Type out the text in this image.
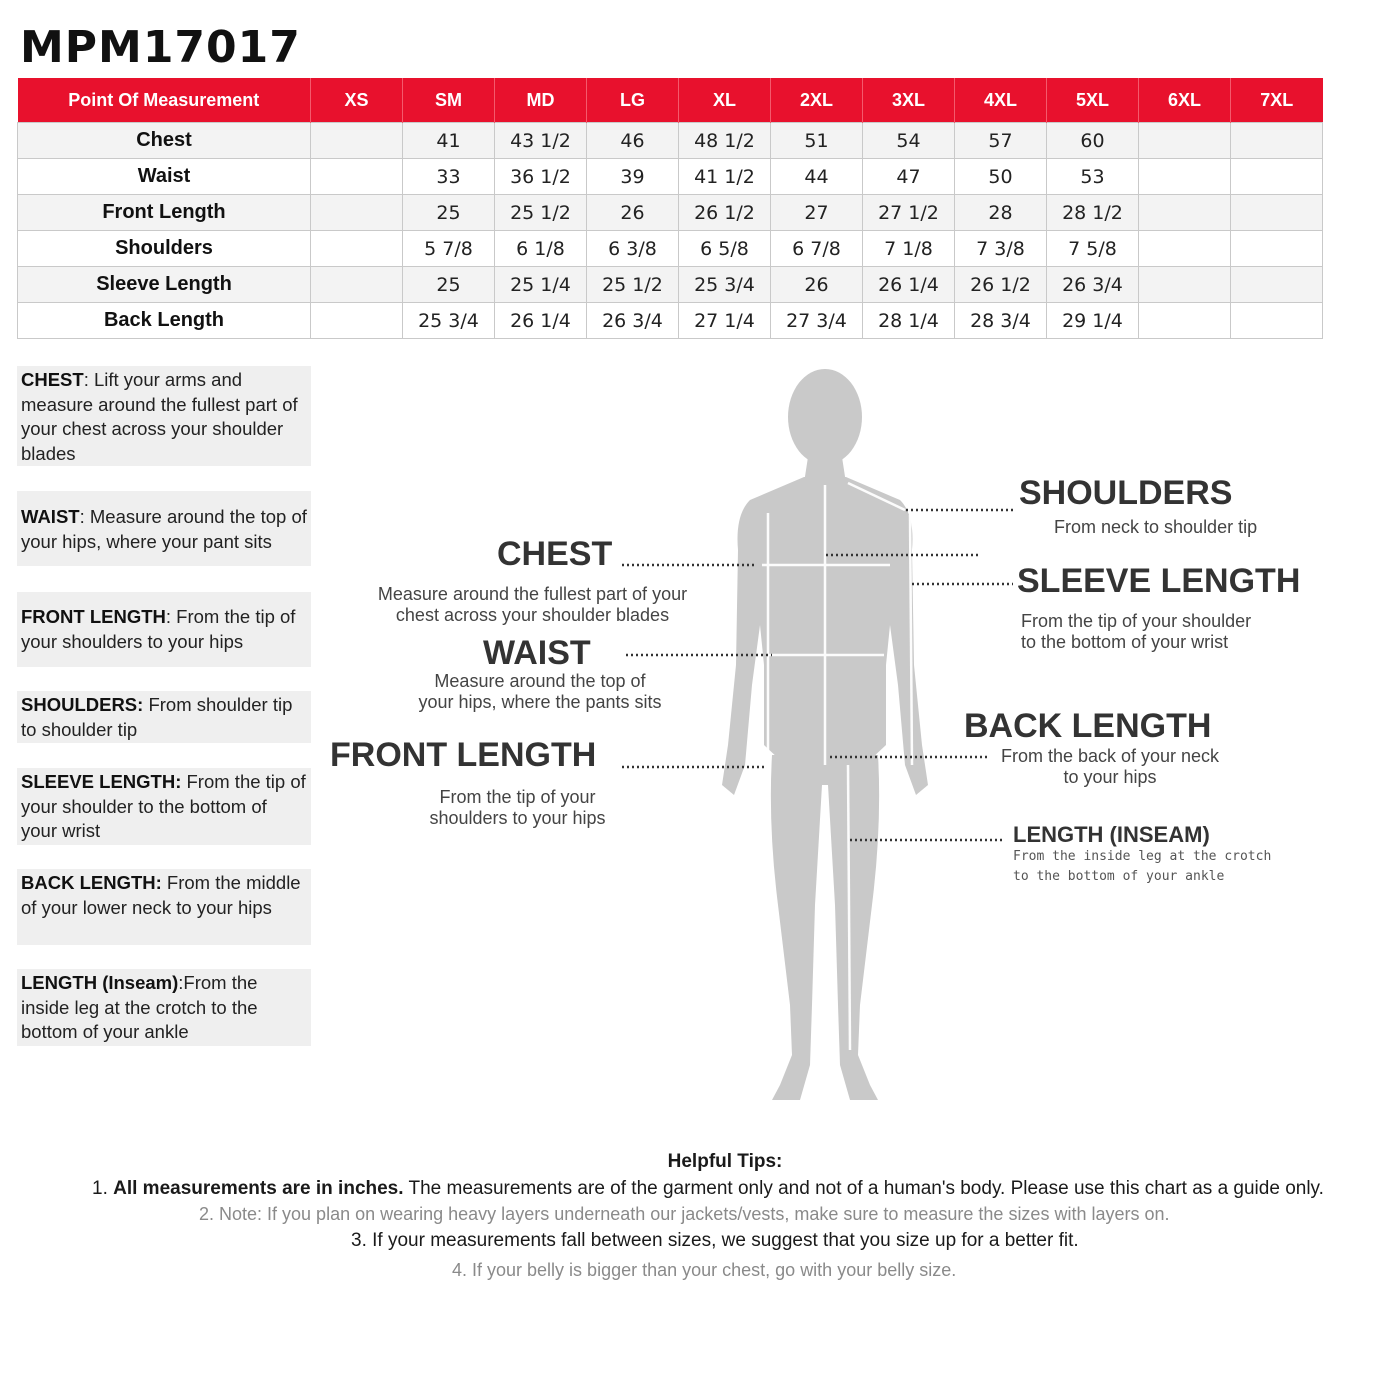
MPM17017
Point Of Measurement	XS	SM	MD	LG	XL	2XL	3XL	4XL	5XL	6XL	7XL
Chest		41	43 1/2	46	48 1/2	51	54	57	60		
Waist		33	36 1/2	39	41 1/2	44	47	50	53		
Front Length		25	25 1/2	26	26 1/2	27	27 1/2	28	28 1/2		
Shoulders		5 7/8	6 1/8	6 3/8	6 5/8	6 7/8	7 1/8	7 3/8	7 5/8		
Sleeve Length		25	25 1/4	25 1/2	25 3/4	26	26 1/4	26 1/2	26 3/4		
Back Length		25 3/4	26 1/4	26 3/4	27 1/4	27 3/4	28 1/4	28 3/4	29 1/4		
CHEST: Lift your arms and measure around the fullest part of your chest across your shoulder blades
WAIST: Measure around the top of your hips, where your pant sits
FRONT LENGTH: From the tip of your shoulders to your hips
SHOULDERS: From shoulder tip to shoulder tip
SLEEVE LENGTH: From the tip of your shoulder to the bottom of your wrist
BACK LENGTH: From the middle of your lower neck to your hips
LENGTH (Inseam):From the inside leg at the crotch to the bottom of your ankle
CHEST
Measure around the fullest part of your
chest across your shoulder blades
WAIST
Measure around the top of
your hips, where the pants sits
FRONT LENGTH
From the tip of your
shoulders to your hips
SHOULDERS
From neck to shoulder tip
SLEEVE LENGTH
From the tip of your shoulder
to the bottom of your wrist
BACK LENGTH
From the back of your neck
to your hips
LENGTH (INSEAM)
From the inside leg at the crotch
to the bottom of your ankle
Helpful Tips:
1. All measurements are in inches. The measurements are of the garment only and not of a human's body. Please use this chart as a guide only.
2. Note: If you plan on wearing heavy layers underneath our jackets/vests, make sure to measure the sizes with layers on.
3. If your measurements fall between sizes, we suggest that you size up for a better fit.
4. If your belly is bigger than your chest, go with your belly size.
